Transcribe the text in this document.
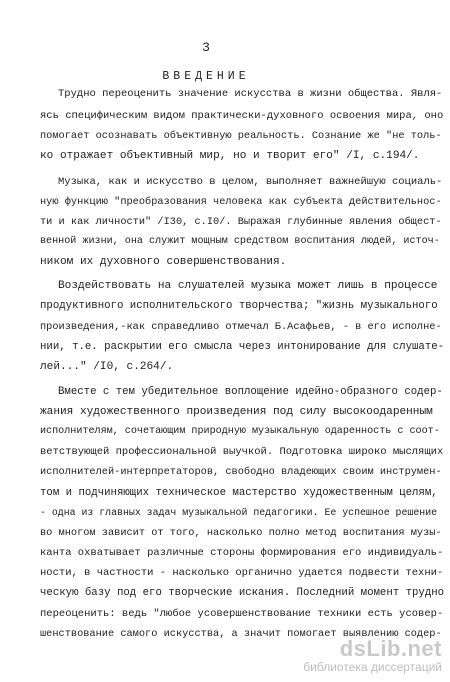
3
ВВЕДЕНИЕ
Трудно переоценить значение искусства в жизни общества. Явля-
ясь специфическим видом практически-духовного освоения мира, оно
помогает осознавать объективную реальность. Сознание же "не толь-
ко отражает объективный мир, но и творит его" /I, с.194/.
Музыка, как и искусство в целом, выполняет важнейшую социаль-
ную функцию "преобразования человека как субъекта действительнос-
ти и как личности" /I30, с.I0/. Выражая глубинные явления общест-
венной жизни, она служит мощным средством воспитания людей, источ-
ником их духовного совершенствования.
Воздействовать на слушателей музыка может лишь в процессе
продуктивного исполнительского творчества; "жизнь музыкального
произведения,-как справедливо отмечал Б.Асафьев, - в его исполне-
нии, т.е. раскрытии его смысла через интонирование для слушате-
лей..." /I0, с.264/.
Вместе с тем убедительное воплощение идейно-образного содер-
жания художественного произведения под силу высокоодаренным
исполнителям, сочетающим природную музыкальную одаренность с соот-
ветствующей профессиональной выучкой. Подготовка широко мыслящих
исполнителей-интерпретаторов, свободно владеющих своим инструмен-
том и подчиняющих техническое мастерство художественным целям,
- одна из главных задач музыкальной педагогики. Ее успешное решение
во многом зависит от того, насколько полно метод воспитания музы-
канта охватывает различные стороны формирования его индивидуаль-
ности, в частности - насколько органично удается подвести техни-
ческую базу под его творческие искания. Последний момент трудно
переоценить: ведь "любое усовершенствование техники есть усовер-
шенствование самого искусства, а значит помогает выявлению содер-
dsLib.net
библиотека диссертаций
